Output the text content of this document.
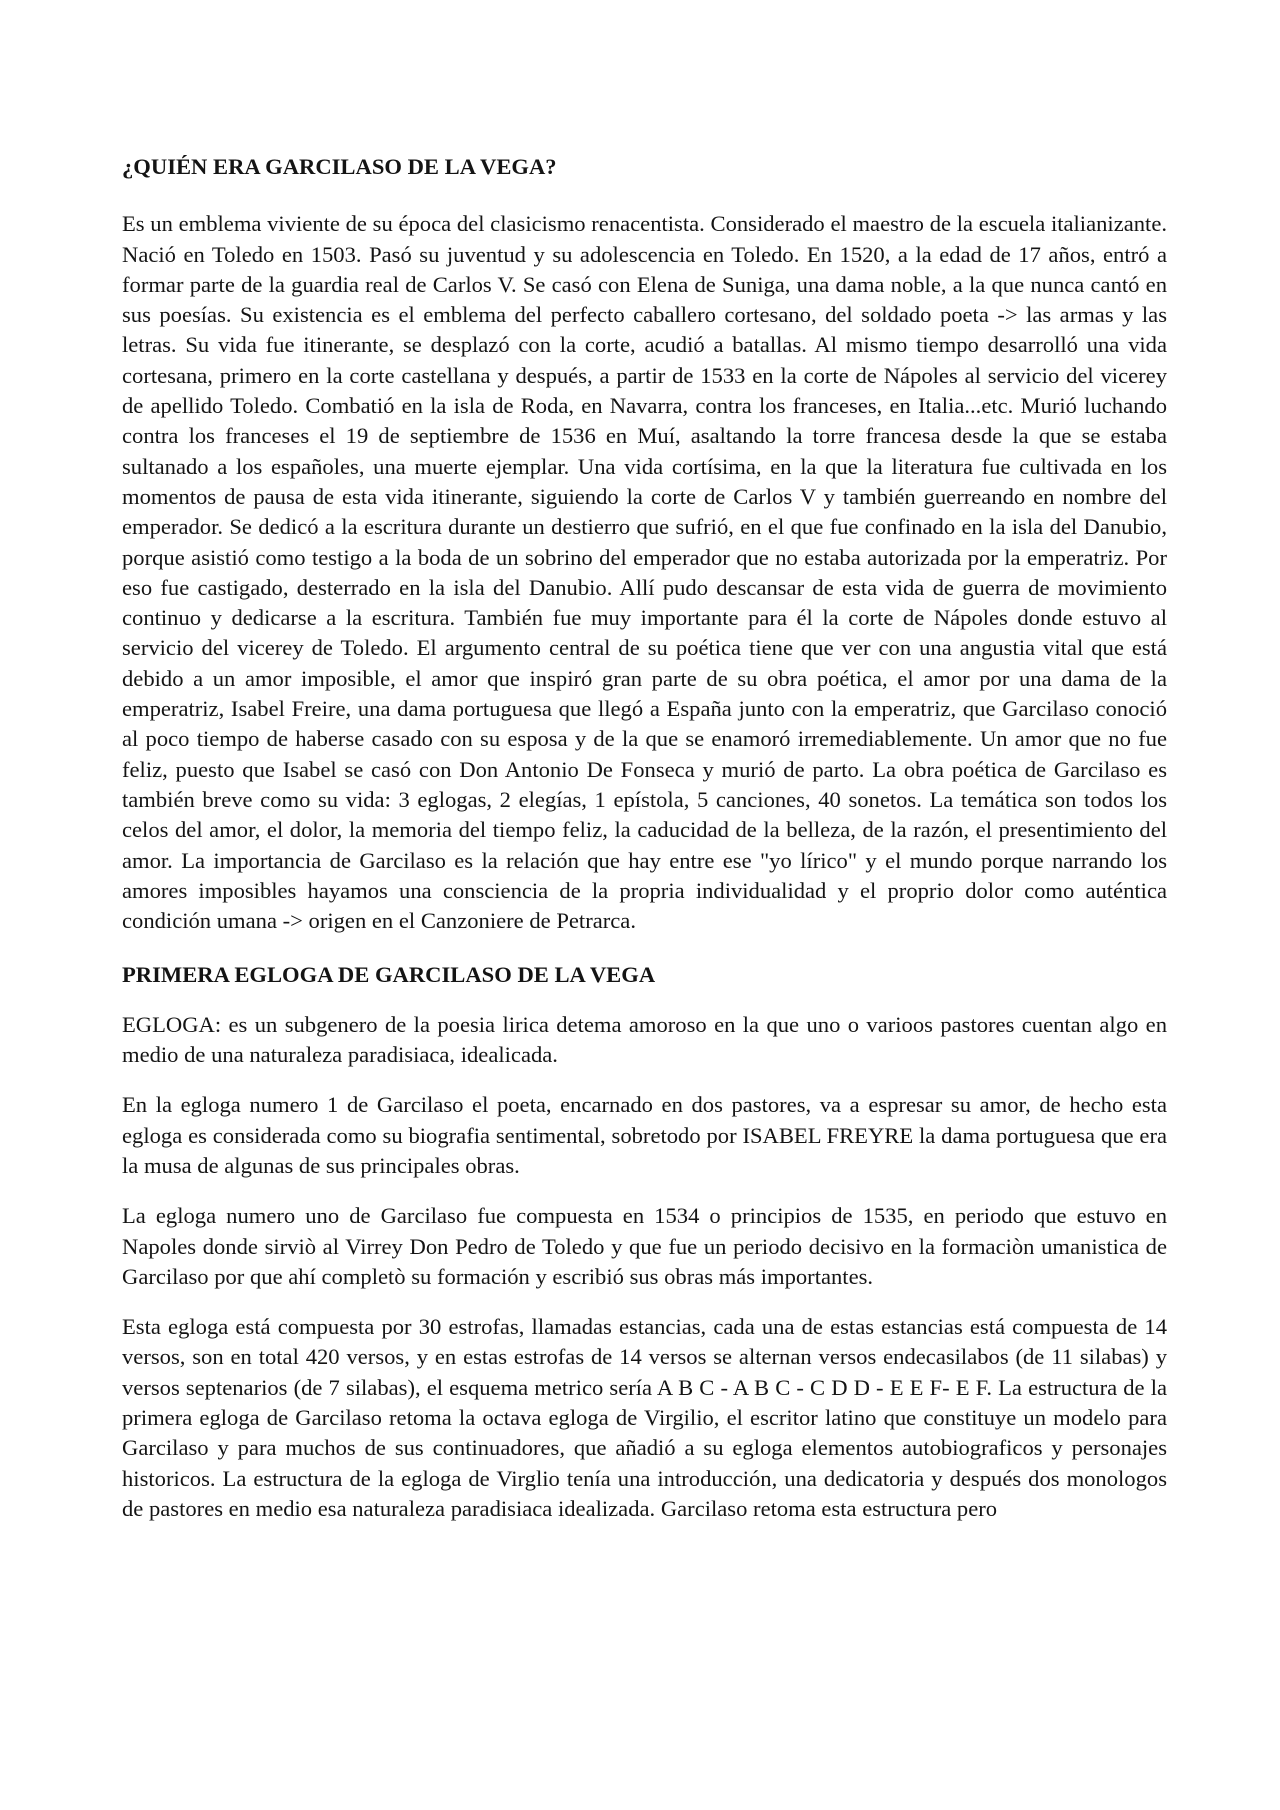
¿QUIÉN ERA GARCILASO DE LA VEGA?

Es un emblema viviente de su época del clasicismo renacentista. Considerado el maestro de la escuela italianizante. Nació en Toledo en 1503. Pasó su juventud y su adolescencia en Toledo. En 1520, a la edad de 17 años, entró a formar parte de la guardia real de Carlos V. Se casó con Elena de Suniga, una dama noble, a la que nunca cantó en sus poesías. Su existencia es el emblema del perfecto caballero cortesano, del soldado poeta -> las armas y las letras. Su vida fue itinerante, se desplazó con la corte, acudió a batallas. Al mismo tiempo desarrolló una vida cortesana, primero en la corte castellana y después, a partir de 1533 en la corte de Nápoles al servicio del vicerey de apellido Toledo. Combatió en la isla de Roda, en Navarra, contra los franceses, en Italia...etc. Murió luchando contra los franceses el 19 de septiembre de 1536 en Muí, asaltando la torre francesa desde la que se estaba sultanado a los españoles, una muerte ejemplar. Una vida cortísima, en la que la literatura fue cultivada en los momentos de pausa de esta vida itinerante, siguiendo la corte de Carlos V y también guerreando en nombre del emperador. Se dedicó a la escritura durante un destierro que sufrió, en el que fue confinado en la isla del Danubio, porque asistió como testigo a la boda de un sobrino del emperador que no estaba autorizada por la emperatriz. Por eso fue castigado, desterrado en la isla del Danubio. Allí pudo descansar de esta vida de guerra de movimiento continuo y dedicarse a la escritura. También fue muy importante para él la corte de Nápoles donde estuvo al servicio del vicerey de Toledo. El argumento central de su poética tiene que ver con una angustia vital que está debido a un amor imposible, el amor que inspiró gran parte de su obra poética, el amor por una dama de la emperatriz, Isabel Freire, una dama portuguesa que llegó a España junto con la emperatriz, que Garcilaso conoció al poco tiempo de haberse casado con su esposa y de la que se enamoró irremediablemente. Un amor que no fue feliz, puesto que Isabel se casó con Don Antonio De Fonseca y murió de parto. La obra poética de Garcilaso es también breve como su vida: 3 eglogas, 2 elegías, 1 epístola, 5 canciones, 40 sonetos. La temática son todos los celos del amor, el dolor, la memoria del tiempo feliz, la caducidad de la belleza, de la razón, el presentimiento del amor. La importancia de Garcilaso es la relación que hay entre ese "yo lírico" y el mundo porque narrando los amores imposibles hayamos una consciencia de la propria individualidad y el proprio dolor como auténtica condición umana -> origen en el Canzoniere de Petrarca.

PRIMERA EGLOGA DE GARCILASO DE LA VEGA

EGLOGA: es un subgenero de la poesia lirica detema amoroso en la que uno o varioos pastores cuentan algo en medio de una naturaleza paradisiaca, idealicada.

En la egloga numero 1 de Garcilaso el poeta, encarnado en dos pastores, va a espresar su amor, de hecho esta egloga es considerada como su biografia sentimental, sobretodo por ISABEL FREYRE la dama portuguesa que era la musa de algunas de sus principales obras.

La egloga numero uno de Garcilaso fue compuesta en 1534 o principios de 1535, en periodo que estuvo en Napoles donde sirviò al Virrey Don Pedro de Toledo y que fue un periodo decisivo en la formaciòn umanistica de Garcilaso por que ahí completò su formación y escribió sus obras más importantes.

Esta egloga está compuesta por 30 estrofas, llamadas estancias, cada una de estas estancias está compuesta de 14 versos, son en total 420 versos, y en estas estrofas de 14 versos se alternan versos endecasilabos (de 11 silabas) y versos septenarios (de 7 silabas), el esquema metrico sería A B C - A B C - C D D - E E F- E F. La estructura de la primera egloga de Garcilaso retoma la octava egloga de Virgilio, el escritor latino que constituye un modelo para Garcilaso y para muchos de sus continuadores, que añadió a su egloga elementos autobiograficos y personajes historicos. La estructura de la egloga de Virglio tenía una introducción, una dedicatoria y después dos monologos de pastores en medio esa naturaleza paradisiaca idealizada. Garcilaso retoma esta estructura pero
